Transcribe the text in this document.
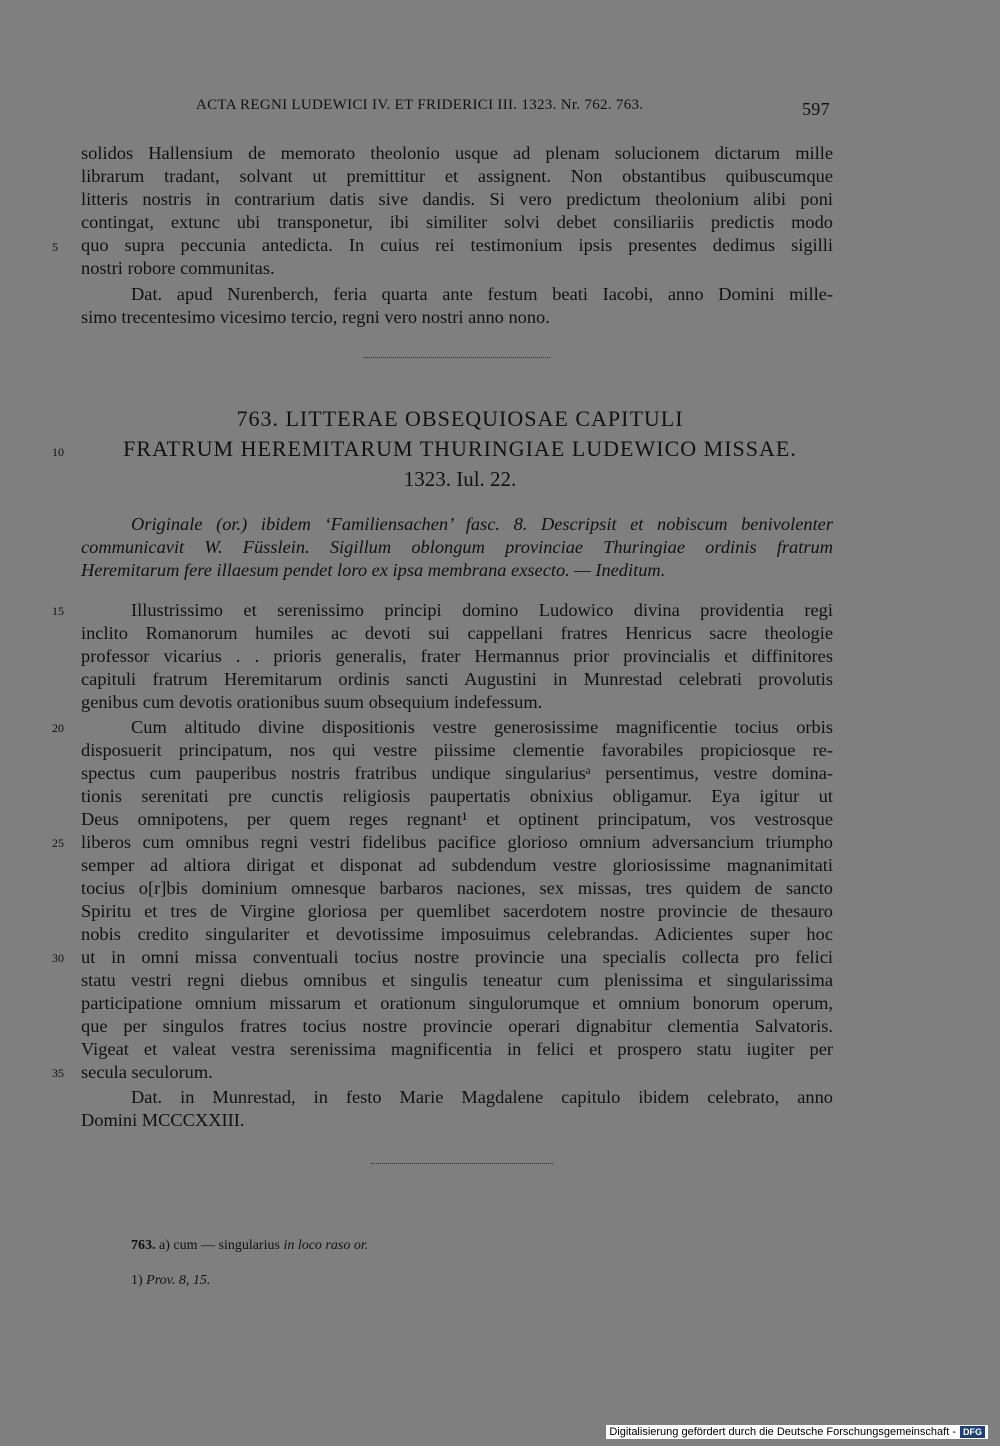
ACTA REGNI LUDEWICI IV. ET FRIDERICI III. 1323. Nr. 762. 763.	597
solidos Hallensium de memorato theolonio usque ad plenam solucionem dictarum mille
librarum tradant, solvant ut premittitur et assignent. Non obstantibus quibuscumque
litteris nostris in contrarium datis sive dandis. Si vero predictum theolonium alibi poni
contingat, extunc ubi transponetur, ibi similiter solvi debet consiliariis predictis modo
quo supra peccunia antedicta. In cuius rei testimonium ipsis presentes dedimus sigilli
nostri robore communitas.
Dat. apud Nurenberch, feria quarta ante festum beati Iacobi, anno Domini mille-
simo trecentesimo vicesimo tercio, regni vero nostri anno nono.
5
763. LITTERAE OBSEQUIOSAE CAPITULI
FRATRUM HEREMITARUM THURINGIAE LUDEWICO MISSAE.
10
1323. Iul. 22.
Originale (or.) ibidem ‘Familiensachen’ fasc. 8. Descripsit et nobiscum benivolenter
communicavit W. Füsslein. Sigillum oblongum provinciae Thuringiae ordinis fratrum
Heremitarum fere illaesum pendet loro ex ipsa membrana exsecto. — Ineditum.
Illustrissimo et serenissimo principi domino Ludowico divina providentia regi
inclito Romanorum humiles ac devoti sui cappellani fratres Henricus sacre theologie
professor vicarius . . prioris generalis, frater Hermannus prior provincialis et diffinitores
capituli fratrum Heremitarum ordinis sancti Augustini in Munrestad celebrati provolutis
genibus cum devotis orationibus suum obsequium indefessum.
Cum altitudo divine dispositionis vestre generosissime magnificentie tocius orbis
disposuerit principatum, nos qui vestre piissime clementie favorabiles propiciosque re-
spectus cum pauperibus nostris fratribus undique singulariusᵃ persentimus, vestre domina-
tionis serenitati pre cunctis religiosis paupertatis obnixius obligamur. Eya igitur ut
Deus omnipotens, per quem reges regnant¹ et optinent principatum, vos vestrosque
liberos cum omnibus regni vestri fidelibus pacifice glorioso omnium adversancium triumpho
semper ad altiora dirigat et disponat ad subdendum vestre gloriosissime magnanimitati
tocius o[r]bis dominium omnesque barbaros naciones, sex missas, tres quidem de sancto
Spiritu et tres de Virgine gloriosa per quemlibet sacerdotem nostre provincie de thesauro
nobis credito singulariter et devotissime imposuimus celebrandas. Adicientes super hoc
ut in omni missa conventuali tocius nostre provincie una specialis collecta pro felici
statu vestri regni diebus omnibus et singulis teneatur cum plenissima et singularissima
participatione omnium missarum et orationum singulorumque et omnium bonorum operum,
que per singulos fratres tocius nostre provincie operari dignabitur clementia Salvatoris.
Vigeat et valeat vestra serenissima magnificentia in felici et prospero statu iugiter per
secula seculorum.
Dat. in Munrestad, in festo Marie Magdalene capitulo ibidem celebrato, anno
Domini MCCCXXIII.
15
20
25
30
35
763. a) cum — singularius in loco raso or.
1) Prov. 8, 15.
Digitalisierung gefördert durch die Deutsche Forschungsgemeinschaft - DFG
